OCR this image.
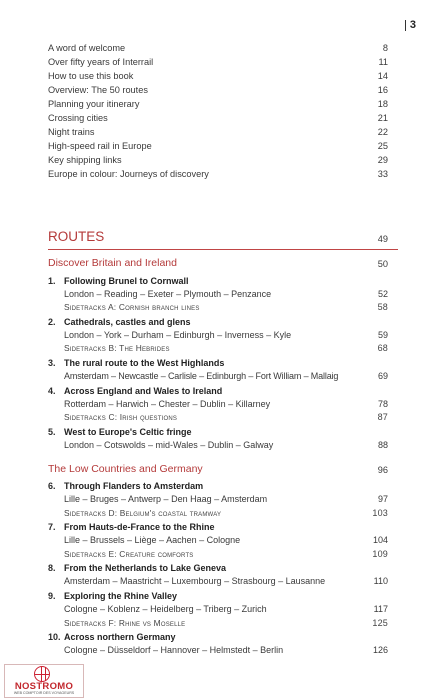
3
A word of welcome	8
Over fifty years of Interrail	11
How to use this book	14
Overview: The 50 routes	16
Planning your itinerary	18
Crossing cities	21
Night trains	22
High-speed rail in Europe	25
Key shipping links	29
Europe in colour: Journeys of discovery	33
ROUTES	49
Discover Britain and Ireland	50
1. Following Brunel to Cornwall
London – Reading – Exeter – Plymouth – Penzance	52
Sidetracks A: Cornish branch lines	58
2. Cathedrals, castles and glens
London – York – Durham – Edinburgh – Inverness – Kyle	59
Sidetracks B: The Hebrides	68
3. The rural route to the West Highlands
Amsterdam – Newcastle – Carlisle – Edinburgh – Fort William – Mallaig	69
4. Across England and Wales to Ireland
Rotterdam – Harwich – Chester – Dublin – Killarney	78
Sidetracks C: Irish questions	87
5. West to Europe's Celtic fringe
London – Cotswolds – mid-Wales – Dublin – Galway	88
The Low Countries and Germany	96
6. Through Flanders to Amsterdam
Lille – Bruges – Antwerp – Den Haag – Amsterdam	97
Sidetracks D: Belgium's coastal tramway	103
7. From Hauts-de-France to the Rhine
Lille – Brussels – Liège – Aachen – Cologne	104
Sidetracks E: Creature comforts	109
8. From the Netherlands to Lake Geneva
Amsterdam – Maastricht – Luxembourg – Strasbourg – Lausanne	110
9. Exploring the Rhine Valley
Cologne – Koblenz – Heidelberg – Triberg – Zurich	117
Sidetracks F: Rhine vs Moselle	125
10. Across northern Germany
Cologne – Düsseldorf – Hannover – Helmstedt – Berlin	126
NOSTROMO
WEB COMPTOIR DES VOYAGEURS
